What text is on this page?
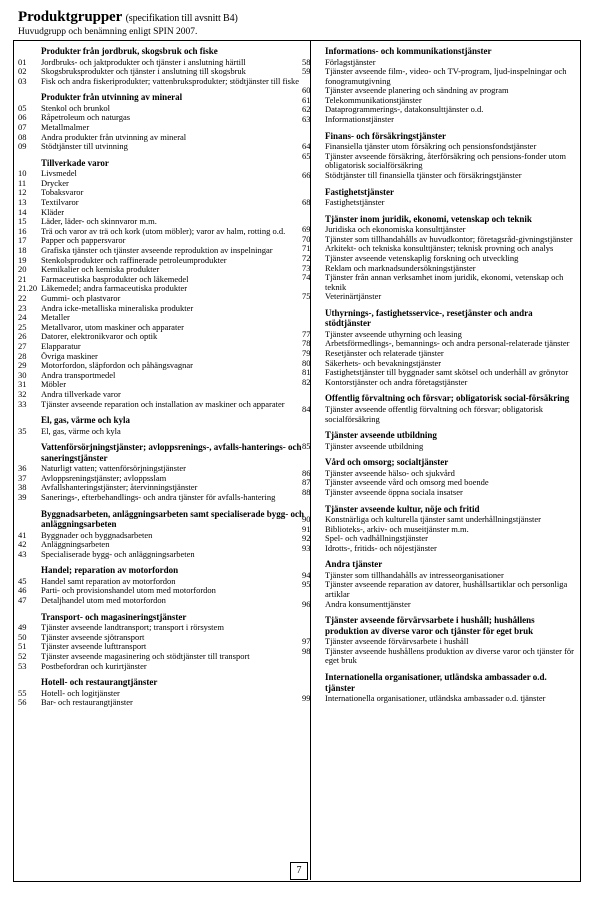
Produktgrupper (specifikation till avsnitt B4)
Huvudgrupp och benämning enligt SPIN 2007.
Produkter från jordbruk, skogsbruk och fiske
01	Jordbruks- och jaktprodukter och tjänster i anslutning härtill
02	Skogsbruksprodukter och tjänster i anslutning till skogsbruk
03	Fisk och andra fiskeriprodukter; vattenbruksprodukter; stödtjänster till fiske
Produkter från utvinning av mineral
05	Stenkol och brunkol
06	Råpetroleum och naturgas
07	Metallmalmer
08	Andra produkter från utvinning av mineral
09	Stödtjänster till utvinning
Tillverkade varor
10	Livsmedel
11	Drycker
12	Tobaksvaror
13	Textilvaror
14	Kläder
15	Läder, läder- och skinnvaror m.m.
16	Trä och varor av trä och kork (utom möbler); varor av halm, rotting o.d.
17	Papper och pappersvaror
18	Grafiska tjänster och tjänster avseende reproduktion av inspelningar
19	Stenkolsprodukter och raffinerade petroleumprodukter
20	Kemikalier och kemiska produkter
21	Farmaceutiska basprodukter och läkemedel
21.20 Läkemedel; andra farmaceutiska produkter
22	Gummi- och plastvaror
23	Andra icke-metalliska mineraliska produkter
24	Metaller
25	Metallvaror, utom maskiner och apparater
26	Datorer, elektronikvaror och optik
27	Elapparatur
28	Övriga maskiner
29	Motorfordon, släpfordon och påhängsvagnar
30	Andra transportmedel
31	Möbler
32	Andra tillverkade varor
33	Tjänster avseende reparation och installation av maskiner och apparater
El, gas, värme och kyla
35	El, gas, värme och kyla
Vattenförsörjningstjänster; avloppsrenings-, avfalls-hanterings- och saneringstjänster
36	Naturligt vatten; vattenförsörjningstjänster
37	Avloppsreningstjänster; avloppsslam
38	Avfallshanteringstjänster; återvinningstjänster
39	Sanerings-, efterbehandlings- och andra tjänster för avfalls-hantering
Byggnadsarbeten, anläggningsarbeten samt specialiserade bygg- och anläggningsarbeten
41	Byggnader och byggnadsarbeten
42	Anläggningsarbeten
43	Specialiserade bygg- och anläggningsarbeten
Handel; reparation av motorfordon
45	Handel samt reparation av motorfordon
46	Parti- och provisionshandel utom med motorfordon
47	Detaljhandel utom med motorfordon
Transport- och magasineringstjänster
49	Tjänster avseende landtransport; transport i rörsystem
50	Tjänster avseende sjötransport
51	Tjänster avseende lufttransport
52	Tjänster avseende magasinering och stödtjänster till transport
53	Postbefordran och kurirtjänster
Hotell- och restaurangtjänster
55	Hotell- och logitjänster
56	Bar- och restaurangtjänster
Informations- och kommunikationstjänster
58	Förlagstjänster
59	Tjänster avseende film-, video- och TV-program, ljud-inspelningar och fonogramutgivning
60	Tjänster avseende planering och sändning av program
61	Telekommunikationstjänster
62	Dataprogrammerings-, datakonsulttjänster o.d.
63	Informationstjänster
Finans- och försäkringstjänster
64	Finansiella tjänster utom försäkring och pensionsfondstjänster
65	Tjänster avseende försäkring, återförsäkring och pensions-fonder utom obligatorisk socialförsäkring
66	Stödtjänster till finansiella tjänster och försäkringstjänster
Fastighetstjänster
68	Fastighetstjänster
Tjänster inom juridik, ekonomi, vetenskap och teknik
69	Juridiska och ekonomiska konsulttjänster
70	Tjänster som tillhandahålls av huvudkontor; företagsråd-givningstjänster
71	Arkitekt- och tekniska konsulttjänster; teknisk provning och analys
72	Tjänster avseende vetenskaplig forskning och utveckling
73	Reklam och marknadsundersökningstjänster
74	Tjänster från annan verksamhet inom juridik, ekonomi, vetenskap och teknik
75	Veterinärtjänster
Uthyrnings-, fastighetsservice-, resetjänster och andra stödtjänster
77	Tjänster avseende uthyrning och leasing
78	Arbetsförmedlings-, bemannings- och andra personal-relaterade tjänster
79	Resetjänster och relaterade tjänster
80	Säkerhets- och bevakningstjänster
81	Fastighetstjänster till byggnader samt skötsel och underhåll av grönytor
82	Kontorstjänster och andra företagstjänster
Offentlig förvaltning och försvar; obligatorisk social-försäkring
84	Tjänster avseende offentlig förvaltning och försvar; obligatorisk socialförsäkring
Tjänster avseende utbildning
85	Tjänster avseende utbildning
Vård och omsorg; socialtjänster
86	Tjänster avseende hälso- och sjukvård
87	Tjänster avseende vård och omsorg med boende
88	Tjänster avseende öppna sociala insatser
Tjänster avseende kultur, nöje och fritid
90	Konstnärliga och kulturella tjänster samt underhållningstjänster
91	Biblioteks-, arkiv- och museitjänster m.m.
92	Spel- och vadhållningstjänster
93	Idrotts-, fritids- och nöjestjänster
Andra tjänster
94	Tjänster som tillhandahålls av intresseorganisationer
95	Tjänster avseende reparation av datorer, hushållsartiklar och personliga artiklar
96	Andra konsumenttjänster
Tjänster avseende förvärvsarbete i hushåll; hushållens produktion av diverse varor och tjänster för eget bruk
97	Tjänster avseende förvärvsarbete i hushåll
98	Tjänster avseende hushållens produktion av diverse varor och tjänster för eget bruk
Internationella organisationer, utländska ambassader o.d. tjänster
99	Internationella organisationer, utländska ambassader o.d. tjänster
7
